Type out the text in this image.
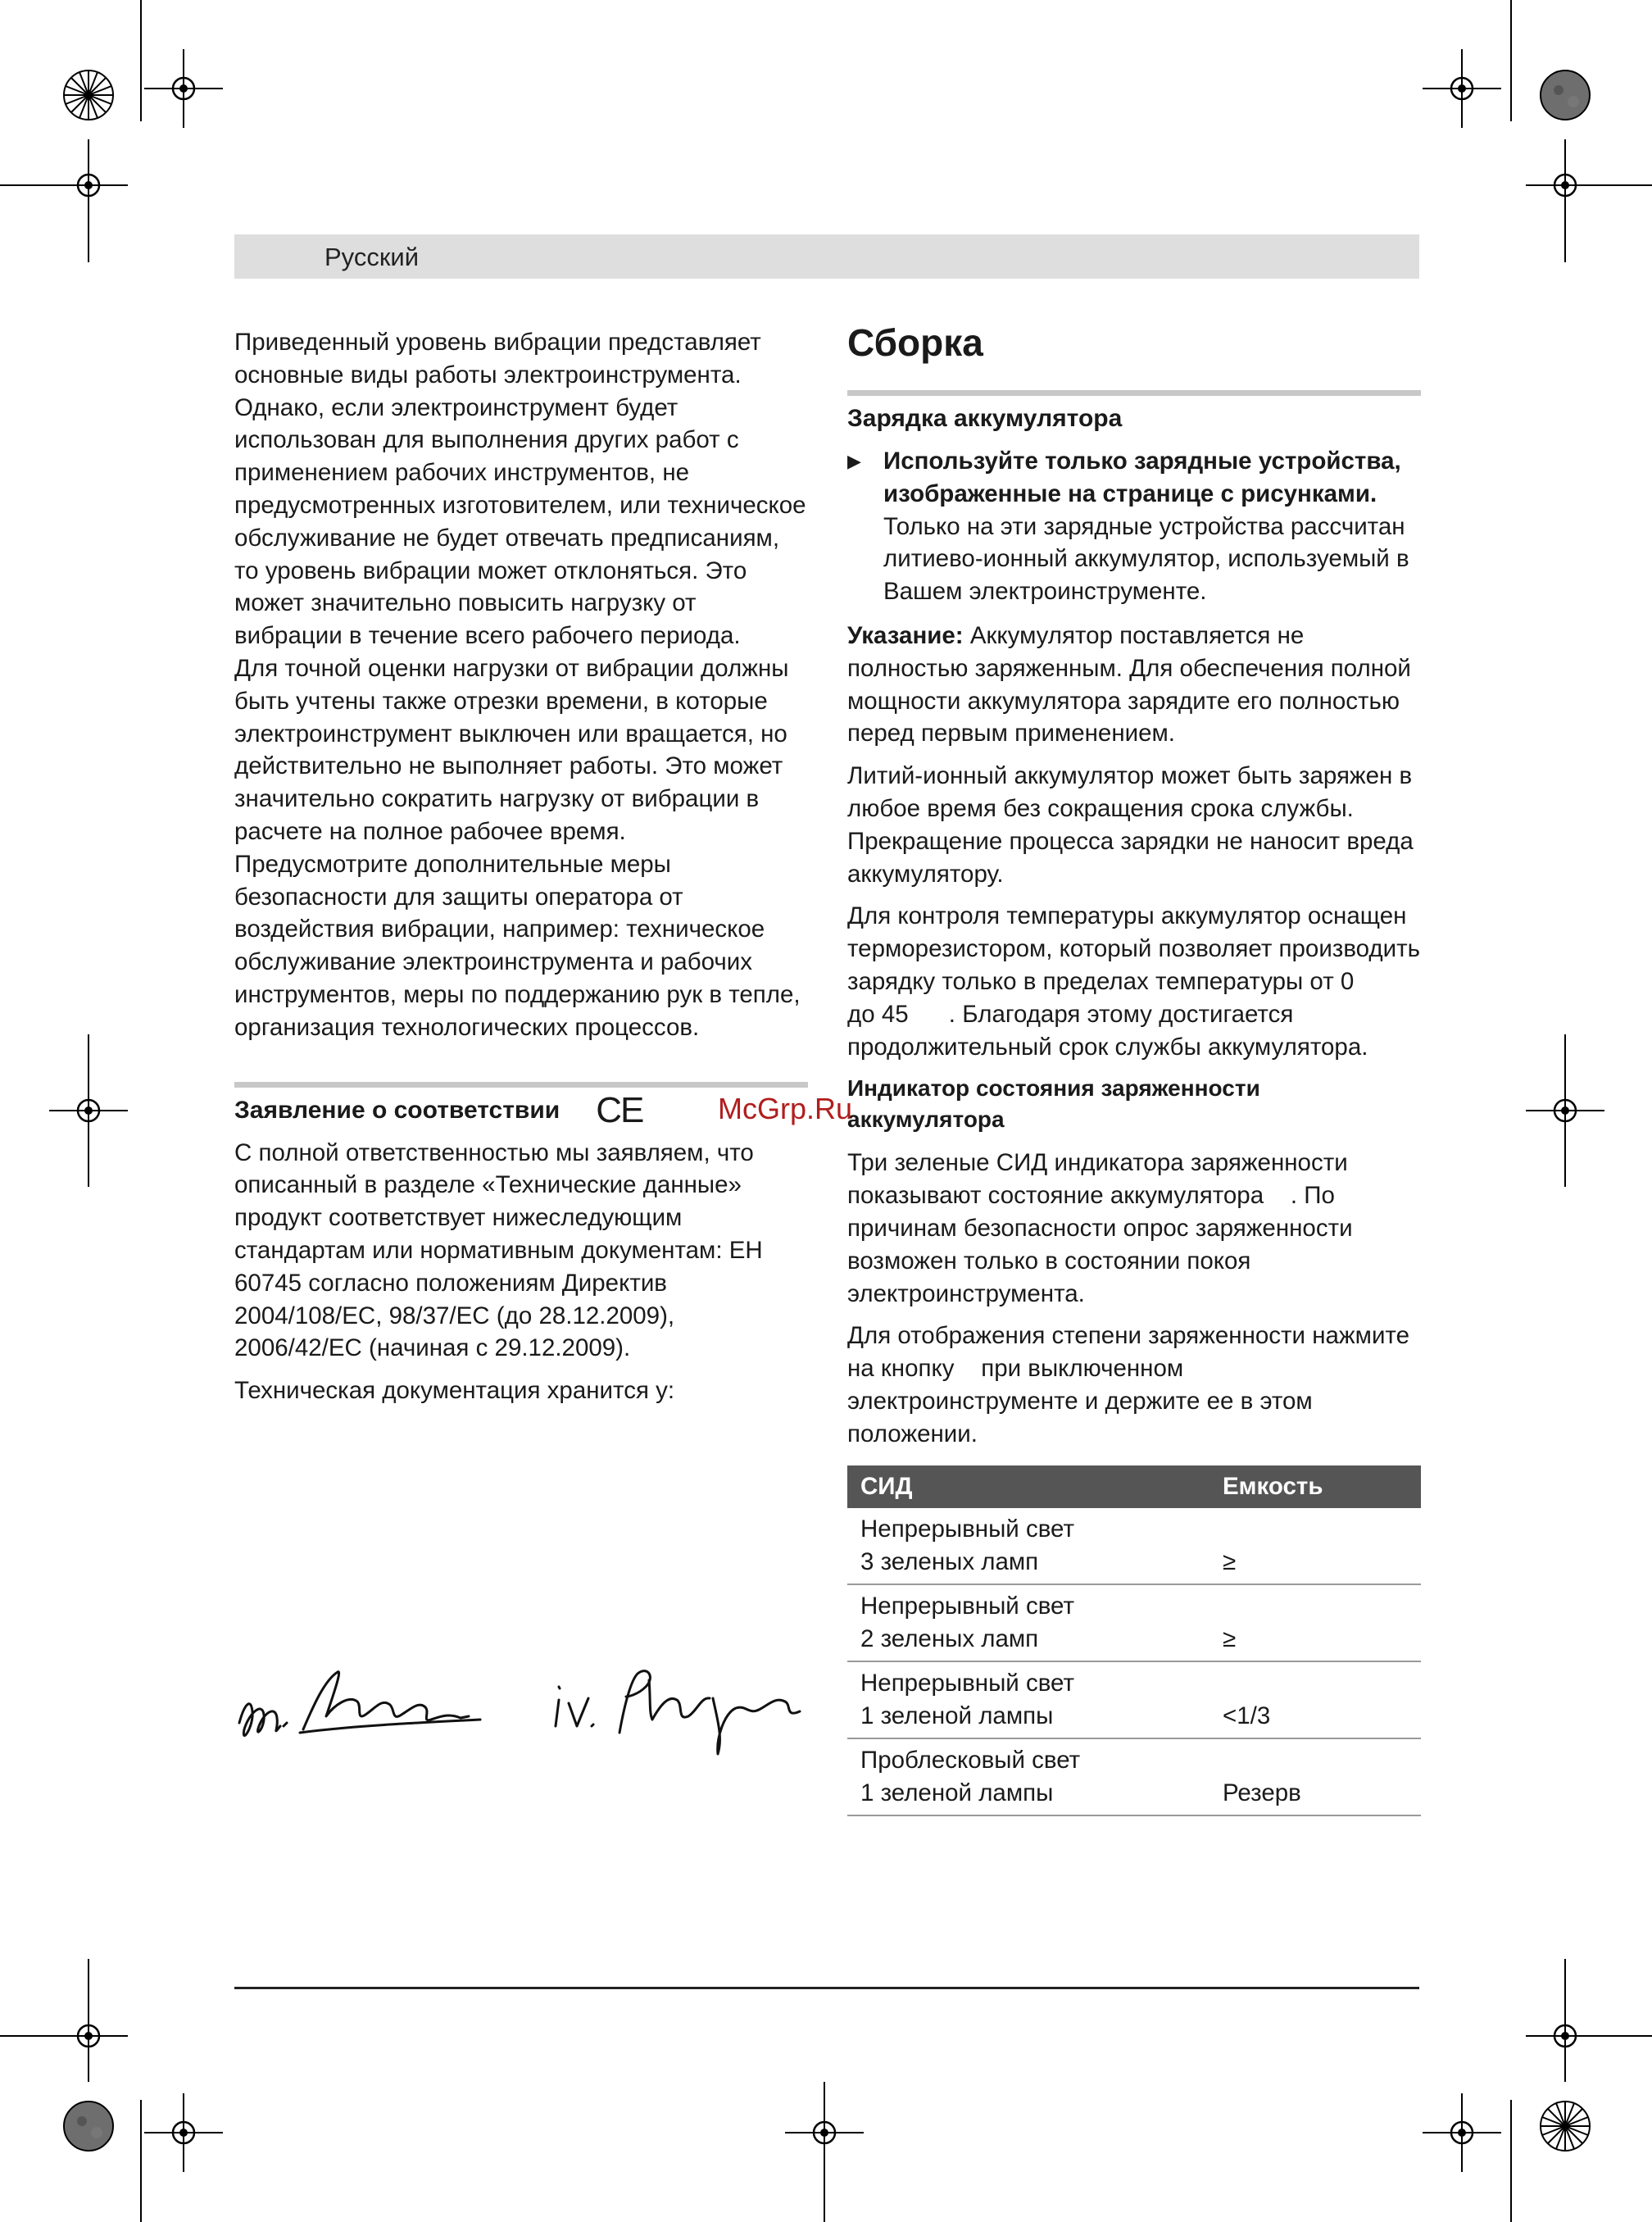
Русский

Приведенный уровень вибрации представляет основные виды работы электроинструмента. Однако, если электроинструмент будет использован для выполнения других работ с применением рабочих инструментов, не предусмотренных изготовителем, или техническое обслуживание не будет отвечать предписаниям, то уровень вибрации может отклоняться. Это может значительно повысить нагрузку от вибрации в течение всего рабочего периода.

Для точной оценки нагрузки от вибрации должны быть учтены также отрезки времени, в которые электроинструмент выключен или вращается, но действительно не выполняет работы. Это может значительно сократить нагрузку от вибрации в расчете на полное рабочее время.

Предусмотрите дополнительные меры безопасности для защиты оператора от воздействия вибрации, например: техническое обслуживание электроинструмента и рабочих инструментов, меры по поддержанию рук в тепле, организация технологических процессов.

Заявление о соответствии CE

С полной ответственностью мы заявляем, что описанный в разделе «Технические данные» продукт соответствует нижеследующим стандартам или нормативным документам: EH 60745 согласно положениям Директив 2004/108/EC, 98/37/EC (до 28.12.2009), 2006/42/EC (начиная с 29.12.2009).

Техническая документация хранится у:

Сборка
Зарядка аккумулятора
▶ Используйте только зарядные устройства, изображенные на странице с рисунками. Только на эти зарядные устройства рассчитан литиево-ионный аккумулятор, используемый в Вашем электроинструменте.

Указание: Аккумулятор поставляется не полностью заряженным. Для обеспечения полной мощности аккумулятора зарядите его полностью перед первым применением.

Литий-ионный аккумулятор может быть заряжен в любое время без сокращения срока службы. Прекращение процесса зарядки не наносит вреда аккумулятору.

Для контроля температуры аккумулятор оснащен терморезистором, который позволяет производить зарядку только в пределах температуры от 0       до 45      . Благодаря этому достигается продолжительный срок службы аккумулятора.

Индикатор состояния заряженности аккумулятора

Три зеленые СИД индикатора заряженности показывают состояние аккумулятора    . По причинам безопасности опрос заряженности возможен только в состоянии покоя электроинструмента.

Для отображения степени заряженности нажмите на кнопку    при выключенном электроинструменте и держите ее в этом положении.

СИД	Емкость

Непрерывный свет
3 зеленых ламп	≥

Непрерывный свет
2 зеленых ламп	≥

Непрерывный свет
1 зеленой лампы	<1/3

Проблесковый свет
1 зеленой лампы	Резерв
McGrp.Ru
